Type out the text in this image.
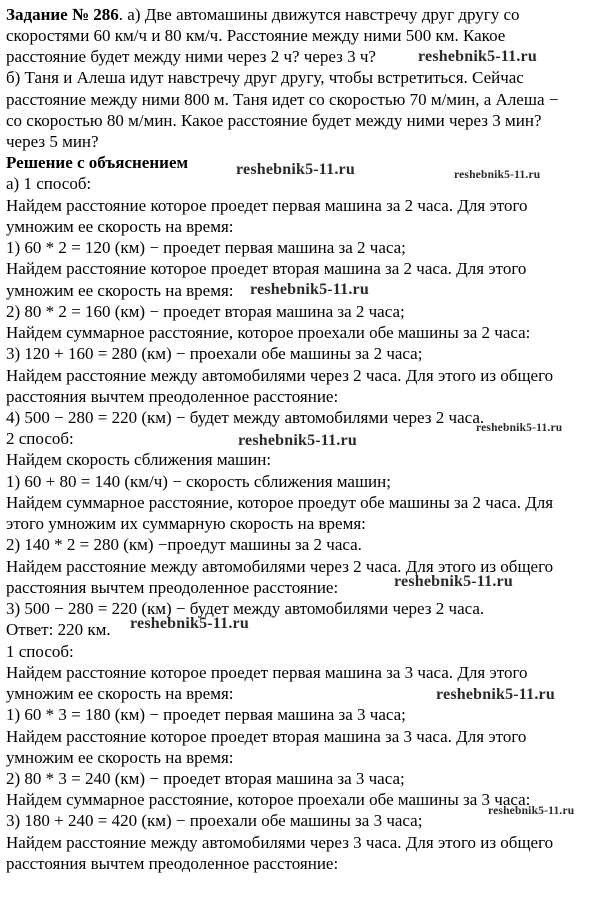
Задание № 286. а) Две автомашины движутся навстречу друг другу со
скоростями 60 км/ч и 80 км/ч. Расстояние между ними 500 км. Какое
расстояние будет между ними через 2 ч? через 3 ч?
б) Таня и Алеша идут навстречу друг другу, чтобы встретиться. Сейчас
расстояние между ними 800 м. Таня идет со скоростью 70 м/мин, а Алеша −
со скоростью 80 м/мин. Какое расстояние будет между ними через 3 мин?
через 5 мин?
Решение с объяснением
а) 1 способ:
Найдем расстояние которое проедет первая машина за 2 часа. Для этого
умножим ее скорость на время:
1) 60 * 2 = 120 (км) − проедет первая машина за 2 часа;
Найдем расстояние которое проедет вторая машина за 2 часа. Для этого
умножим ее скорость на время:
2) 80 * 2 = 160 (км) − проедет вторая машина за 2 часа;
Найдем суммарное расстояние, которое проехали обе машины за 2 часа:
3) 120 + 160 = 280 (км) − проехали обе машины за 2 часа;
Найдем расстояние между автомобилями через 2 часа. Для этого из общего
расстояния вычтем преодоленное расстояние:
4) 500 − 280 = 220 (км) − будет между автомобилями через 2 часа.
2 способ:
Найдем скорость сближения машин:
1) 60 + 80 = 140 (км/ч) − скорость сближения машин;
Найдем суммарное расстояние, которое проедут обе машины за 2 часа. Для
этого умножим их суммарную скорость на время:
2) 140 * 2 = 280 (км) −проедут машины за 2 часа.
Найдем расстояние между автомобилями через 2 часа. Для этого из общего
расстояния вычтем преодоленное расстояние:
3) 500 − 280 = 220 (км) − будет между автомобилями через 2 часа.
Ответ: 220 км.
1 способ:
Найдем расстояние которое проедет первая машина за 3 часа. Для этого
умножим ее скорость на время:
1) 60 * 3 = 180 (км) − проедет первая машина за 3 часа;
Найдем расстояние которое проедет вторая машина за 3 часа. Для этого
умножим ее скорость на время:
2) 80 * 3 = 240 (км) − проедет вторая машина за 3 часа;
Найдем суммарное расстояние, которое проехали обе машины за 3 часа:
3) 180 + 240 = 420 (км) − проехали обе машины за 3 часа;
Найдем расстояние между автомобилями через 3 часа. Для этого из общего
расстояния вычтем преодоленное расстояние:
reshebnik5-11.ru
reshebnik5-11.ru	reshebnik5-11.ru
reshebnik5-11.ru
reshebnik5-11.ru
reshebnik5-11.ru
reshebnik5-11.ru
reshebnik5-11.ru
reshebnik5-11.ru
reshebnik5-11.ru
